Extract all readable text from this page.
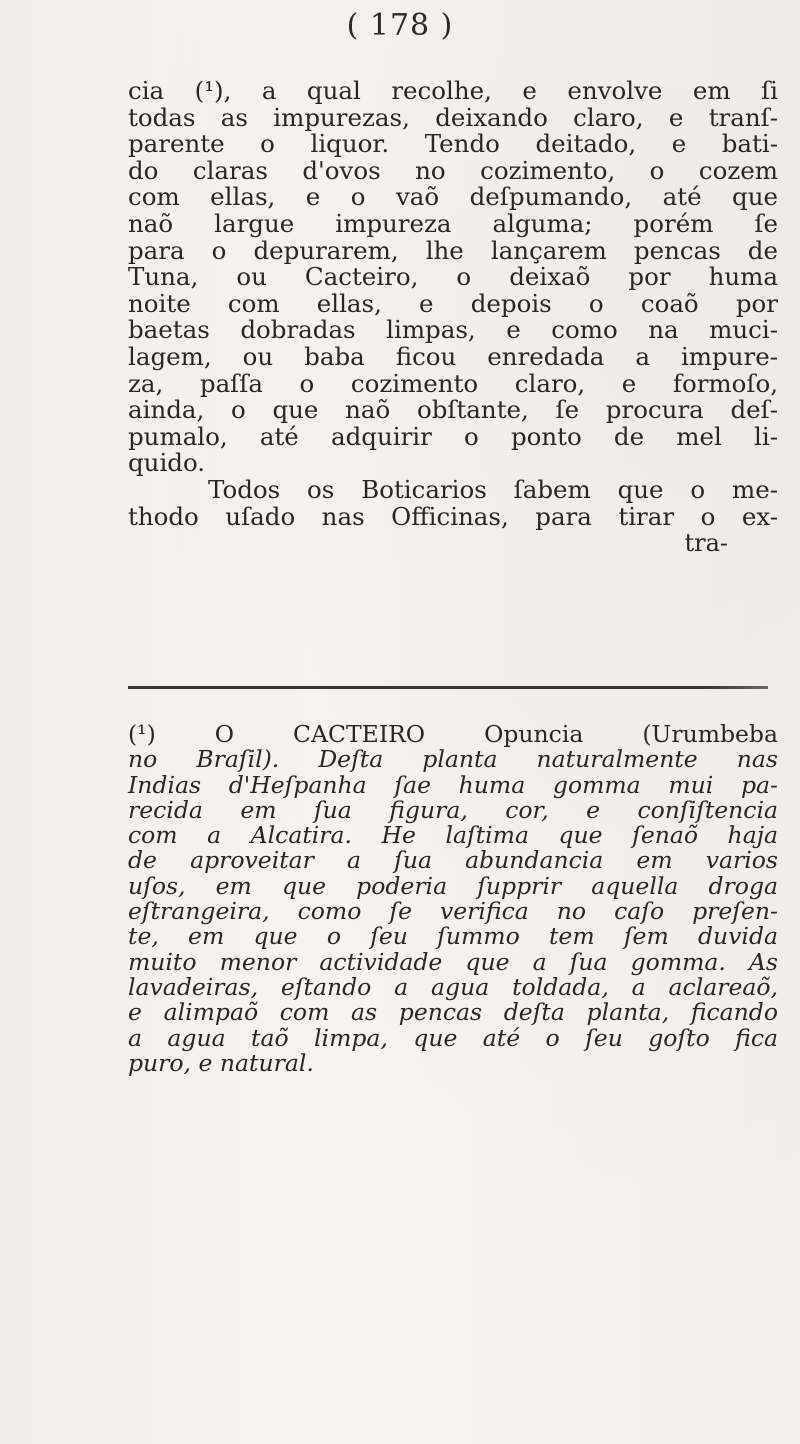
( 178 )
cia (¹), a qual recolhe, e envolve em ſi
todas as impurezas, deixando claro, e tranſ-
parente o liquor. Tendo deitado, e bati-
do claras d'ovos no cozimento, o cozem
com ellas, e o vaõ deſpumando, até que
naõ largue impureza alguma; porém ſe
para o depurarem, lhe lançarem pencas de
Tuna, ou Cacteiro, o deixaõ por huma
noite com ellas, e depois o coaõ por
baetas dobradas limpas, e como na muci-
lagem, ou baba ficou enredada a impure-
za, paſſa o cozimento claro, e formoſo,
ainda, o que naõ obſtante, ſe procura deſ-
pumalo, até adquirir o ponto de mel li-
quido.
Todos os Boticarios ſabem que o me-
thodo uſado nas Officinas, para tirar o ex-
tra-
(¹) O CACTEIRO Opuncia (Urumbeba
no Braſil). Deſta planta naturalmente nas
Indias d'Heſpanha ſae huma gomma mui pa-
recida em ſua figura, cor, e conſiſtencia
com a Alcatira. He laſtima que ſenaõ haja
de aproveitar a ſua abundancia em varios
uſos, em que poderia ſupprir aquella droga
eſtrangeira, como ſe verifica no caſo preſen-
te, em que o ſeu ſummo tem ſem duvida
muito menor actividade que a ſua gomma. As
lavadeiras, eſtando a agua toldada, a aclareaõ,
e alimpaõ com as pencas deſta planta, ficando
a agua taõ limpa, que até o ſeu goſto fica
puro, e natural.
